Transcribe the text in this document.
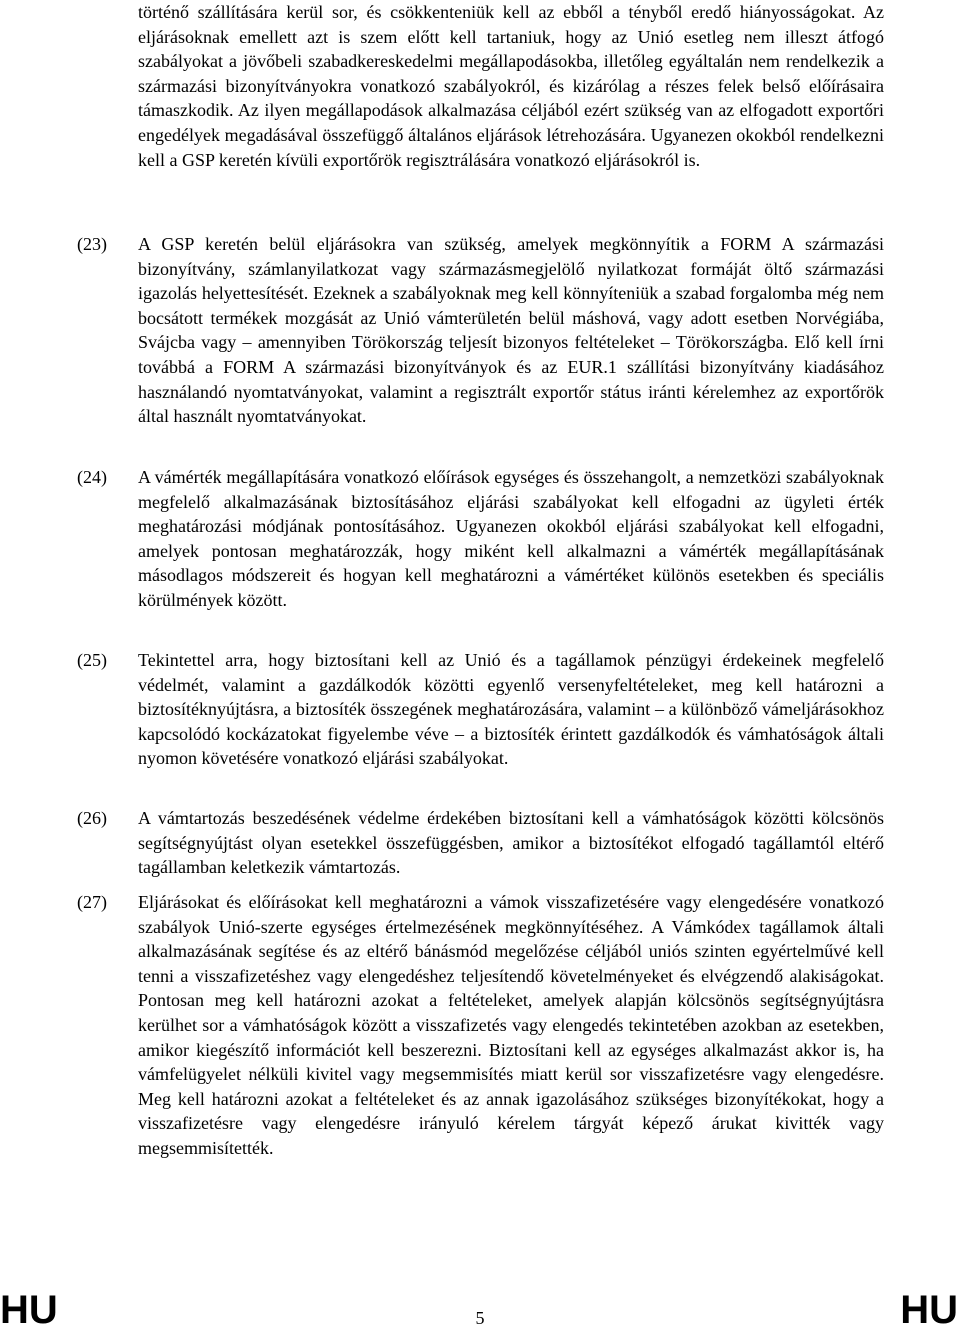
történő szállítására kerül sor, és csökkenteniük kell az ebből a tényből eredő hiányosságokat. Az eljárásoknak emellett azt is szem előtt kell tartaniuk, hogy az Unió esetleg nem illeszt átfogó szabályokat a jövőbeli szabadkereskedelmi megállapodásokba, illetőleg egyáltalán nem rendelkezik a származási bizonyítványokra vonatkozó szabályokról, és kizárólag a részes felek belső előírásaira támaszkodik. Az ilyen megállapodások alkalmazása céljából ezért szükség van az elfogadott exportőri engedélyek megadásával összefüggő általános eljárások létrehozására. Ugyanezen okokból rendelkezni kell a GSP keretén kívüli exportőrök regisztrálására vonatkozó eljárásokról is.
(23) A GSP keretén belül eljárásokra van szükség, amelyek megkönnyítik a FORM A származási bizonyítvány, számlanyilatkozat vagy származásmegjelölő nyilatkozat formáját öltő származási igazolás helyettesítését. Ezeknek a szabályoknak meg kell könnyíteniük a szabad forgalomba még nem bocsátott termékek mozgását az Unió vámterületén belül máshová, vagy adott esetben Norvégiába, Svájcba vagy – amennyiben Törökország teljesít bizonyos feltételeket – Törökországba. Elő kell írni továbbá a FORM A származási bizonyítványok és az EUR.1 szállítási bizonyítvány kiadásához használandó nyomtatványokat, valamint a regisztrált exportőr státus iránti kérelemhez az exportőrök által használt nyomtatványokat.
(24) A vámérték megállapítására vonatkozó előírások egységes és összehangolt, a nemzetközi szabályoknak megfelelő alkalmazásának biztosításához eljárási szabályokat kell elfogadni az ügyleti érték meghatározási módjának pontosításához. Ugyanezen okokból eljárási szabályokat kell elfogadni, amelyek pontosan meghatározzák, hogy miként kell alkalmazni a vámérték megállapításának másodlagos módszereit és hogyan kell meghatározni a vámértéket különös esetekben és speciális körülmények között.
(25) Tekintettel arra, hogy biztosítani kell az Unió és a tagállamok pénzügyi érdekeinek megfelelő védelmét, valamint a gazdálkodók közötti egyenlő versenyfeltételeket, meg kell határozni a biztosítéknyújtásra, a biztosíték összegének meghatározására, valamint – a különböző vámeljárásokhoz kapcsolódó kockázatokat figyelembe véve – a biztosíték érintett gazdálkodók és vámhatóságok általi nyomon követésére vonatkozó eljárási szabályokat.
(26) A vámtartozás beszedésének védelme érdekében biztosítani kell a vámhatóságok közötti kölcsönös segítségnyújtást olyan esetekkel összefüggésben, amikor a biztosítékot elfogadó tagállamtól eltérő tagállamban keletkezik vámtartozás.
(27) Eljárásokat és előírásokat kell meghatározni a vámok visszafizetésére vagy elengedésére vonatkozó szabályok Unió-szerte egységes értelmezésének megkönnyítéséhez. A Vámkódex tagállamok általi alkalmazásának segítése és az eltérő bánásmód megelőzése céljából uniós szinten egyértelművé kell tenni a visszafizetéshez vagy elengedéshez teljesítendő követelményeket és elvégzendő alakiságokat. Pontosan meg kell határozni azokat a feltételeket, amelyek alapján kölcsönös segítségnyújtásra kerülhet sor a vámhatóságok között a visszafizetés vagy elengedés tekintetében azokban az esetekben, amikor kiegészítő információt kell beszerezni. Biztosítani kell az egységes alkalmazást akkor is, ha vámfelügyelet nélküli kivitel vagy megsemmisítés miatt kerül sor visszafizetésre vagy elengedésre. Meg kell határozni azokat a feltételeket és az annak igazolásához szükséges bizonyítékokat, hogy a visszafizetésre vagy elengedésre irányuló kérelem tárgyát képező árukat kivitték vagy megsemmisítették.
HU	5	HU
